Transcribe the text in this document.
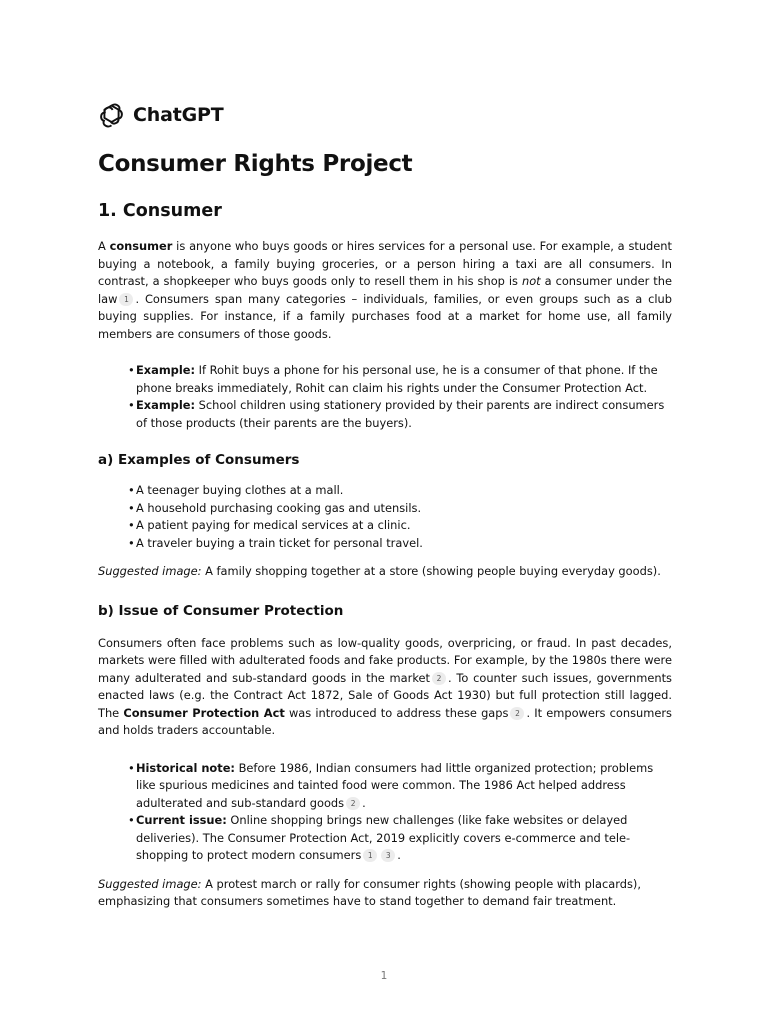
ChatGPT
Consumer Rights Project
1. Consumer

A consumer is anyone who buys goods or hires services for a personal use. For example, a student buying a notebook, a family buying groceries, or a person hiring a taxi are all consumers. In contrast, a shopkeeper who buys goods only to resell them in his shop is not a consumer under the law 1 . Consumers span many categories – individuals, families, or even groups such as a club buying supplies. For instance, if a family purchases food at a market for home use, all family members are consumers of those goods.

• Example: If Rohit buys a phone for his personal use, he is a consumer of that phone. If the phone breaks immediately, Rohit can claim his rights under the Consumer Protection Act.
• Example: School children using stationery provided by their parents are indirect consumers of those products (their parents are the buyers).
a) Examples of Consumers
• A teenager buying clothes at a mall.
• A household purchasing cooking gas and utensils.
• A patient paying for medical services at a clinic.
• A traveler buying a train ticket for personal travel.

Suggested image: A family shopping together at a store (showing people buying everyday goods).

b) Issue of Consumer Protection

Consumers often face problems such as low-quality goods, overpricing, or fraud. In past decades, markets were filled with adulterated foods and fake products. For example, by the 1980s there were many adulterated and sub-standard goods in the market 2 . To counter such issues, governments enacted laws (e.g. the Contract Act 1872, Sale of Goods Act 1930) but full protection still lagged. The Consumer Protection Act was introduced to address these gaps 2 . It empowers consumers and holds traders accountable.

• Historical note: Before 1986, Indian consumers had little organized protection; problems like spurious medicines and tainted food were common. The 1986 Act helped address adulterated and sub-standard goods 2 .
• Current issue: Online shopping brings new challenges (like fake websites or delayed deliveries). The Consumer Protection Act, 2019 explicitly covers e-commerce and tele-shopping to protect modern consumers 1 3 .

Suggested image: A protest march or rally for consumer rights (showing people with placards), emphasizing that consumers sometimes have to stand together to demand fair treatment.

1
